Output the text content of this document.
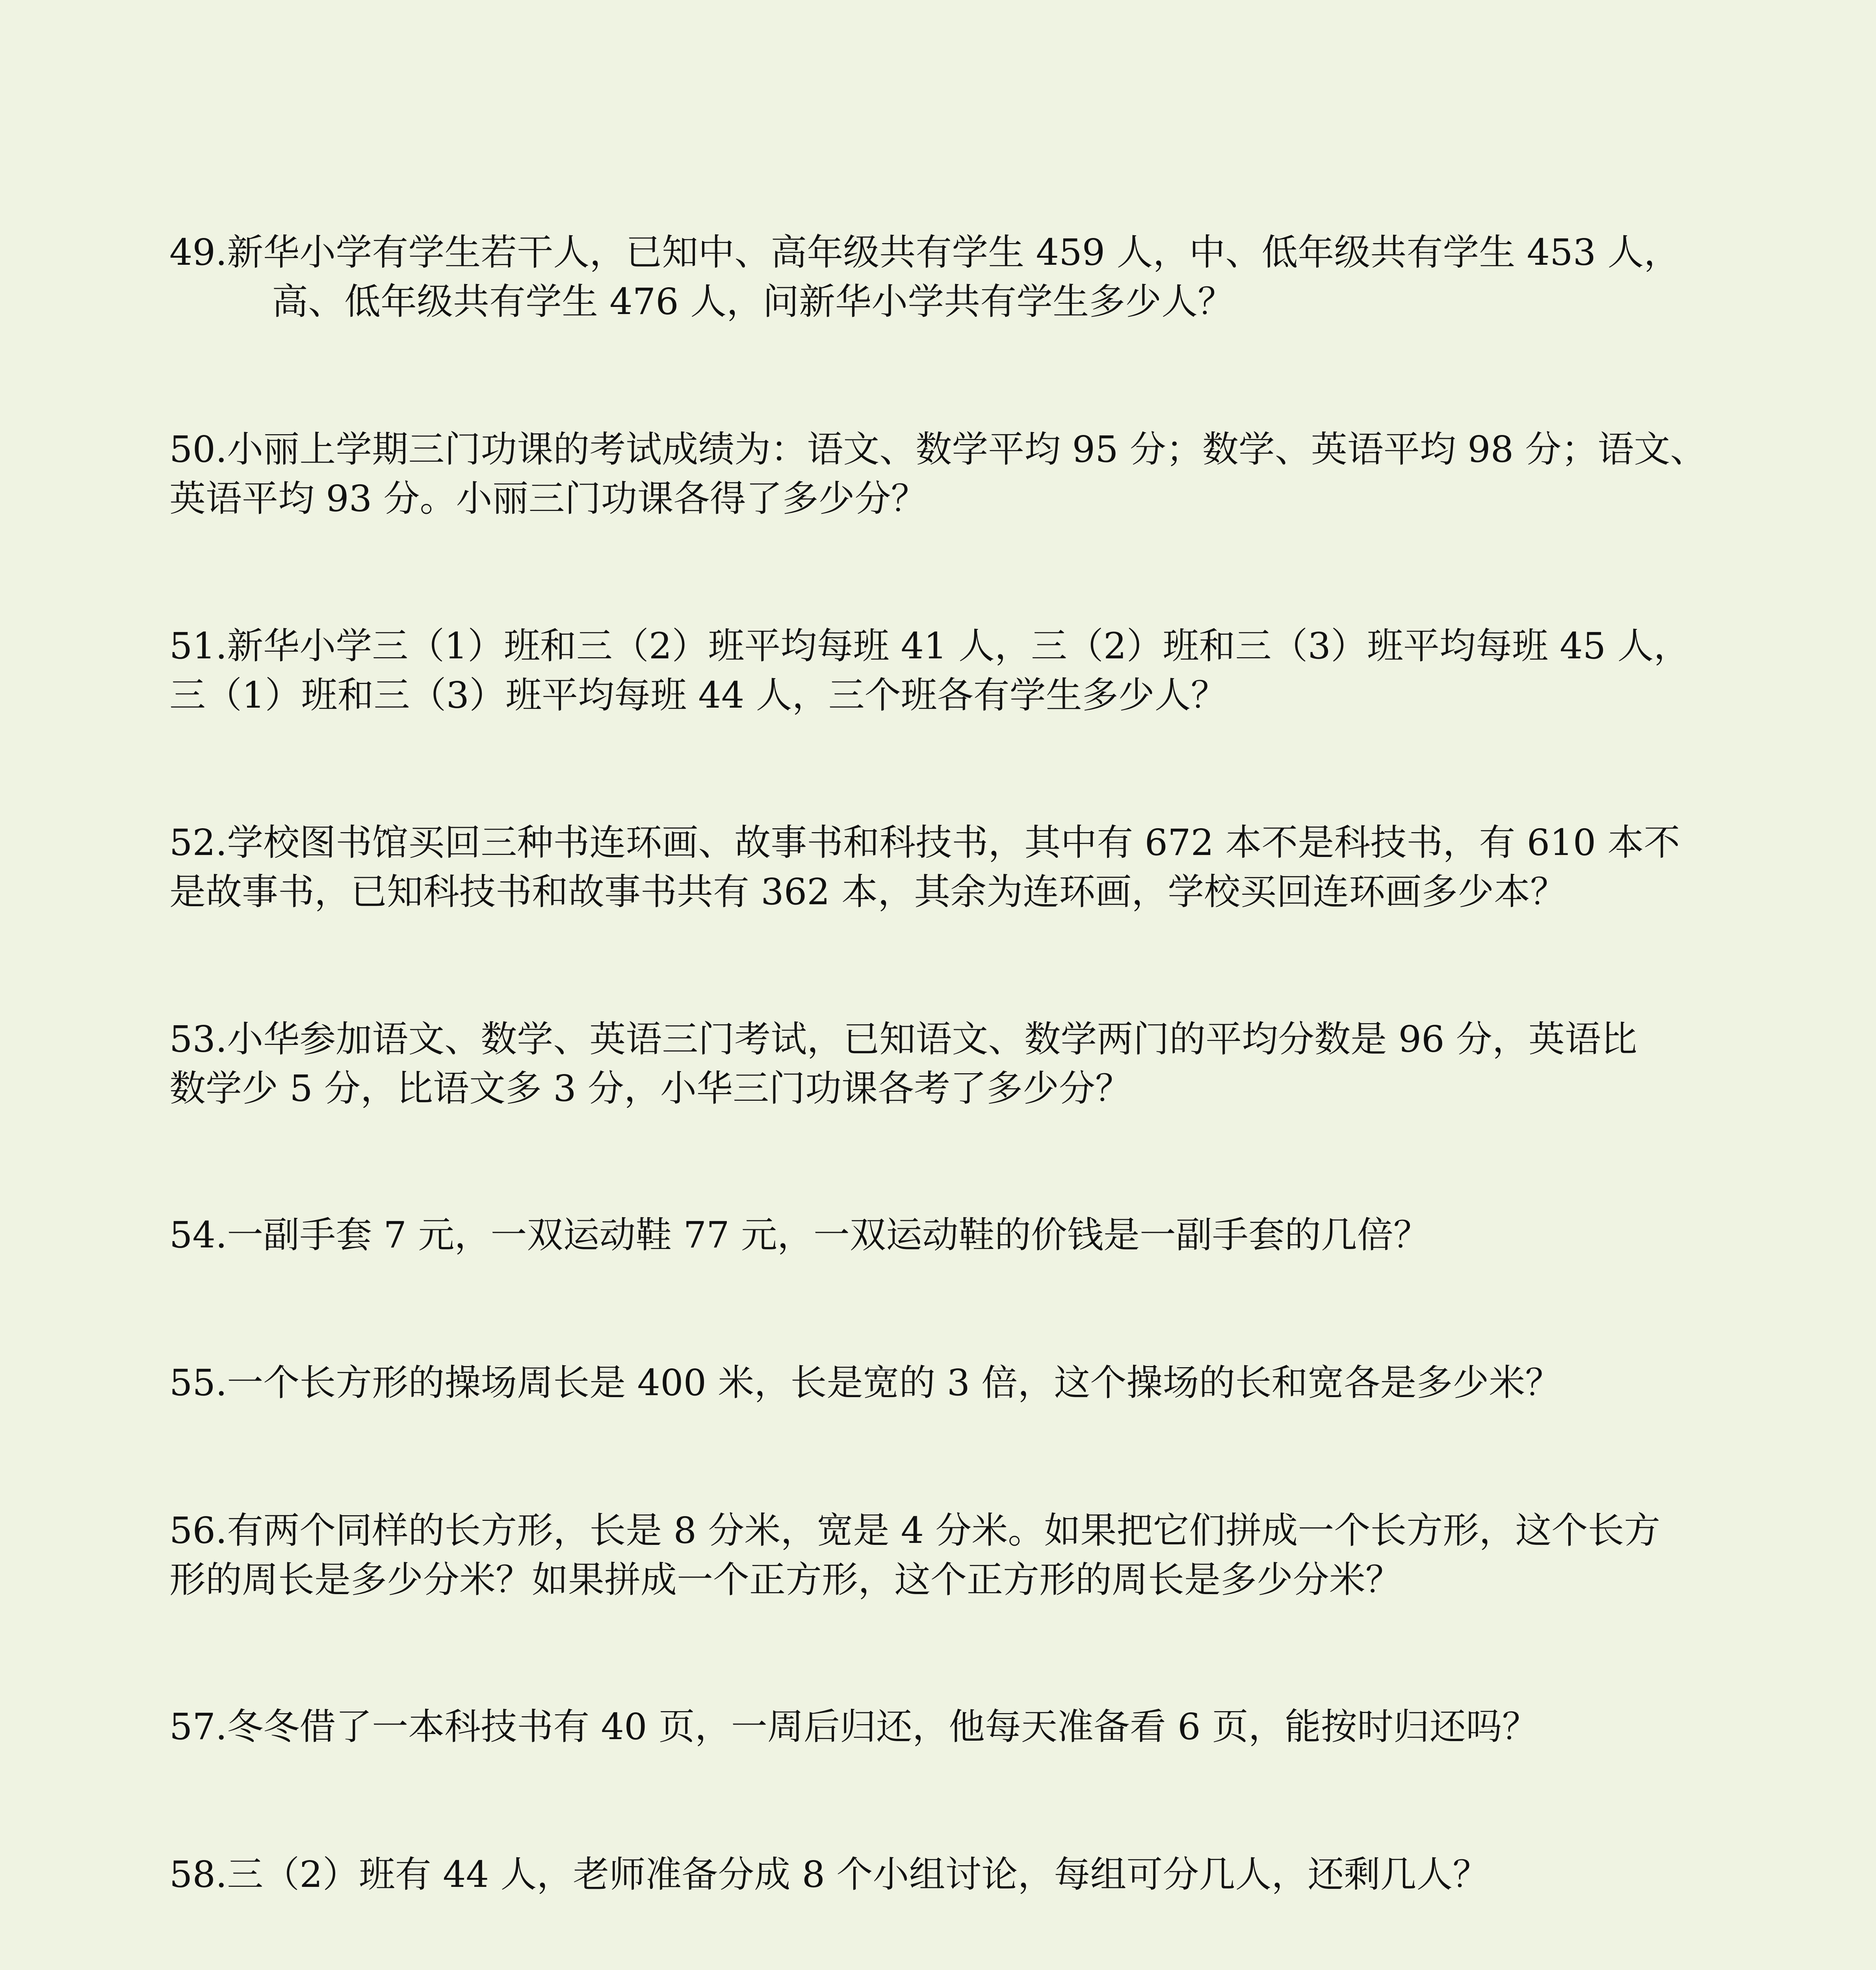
49.新华小学有学生若干人，已知中、高年级共有学生 459 人，中、低年级共有学生 453 人，
高、低年级共有学生 476 人，问新华小学共有学生多少人？
50.小丽上学期三门功课的考试成绩为：语文、数学平均 95 分；数学、英语平均 98 分；语文、
英语平均 93 分。小丽三门功课各得了多少分？
51.新华小学三（1）班和三（2）班平均每班 41 人，三（2）班和三（3）班平均每班 45 人，
三（1）班和三（3）班平均每班 44 人，三个班各有学生多少人？
52.学校图书馆买回三种书连环画、故事书和科技书，其中有 672 本不是科技书，有 610 本不
是故事书，已知科技书和故事书共有 362 本，其余为连环画，学校买回连环画多少本？
53.小华参加语文、数学、英语三门考试，已知语文、数学两门的平均分数是 96 分，英语比
数学少 5 分，比语文多 3 分，小华三门功课各考了多少分？
54.一副手套 7 元，一双运动鞋 77 元，一双运动鞋的价钱是一副手套的几倍？
55.一个长方形的操场周长是 400 米，长是宽的 3 倍，这个操场的长和宽各是多少米？
56.有两个同样的长方形，长是 8 分米，宽是 4 分米。如果把它们拼成一个长方形，这个长方
形的周长是多少分米？如果拼成一个正方形，这个正方形的周长是多少分米？
57.冬冬借了一本科技书有 40 页，一周后归还，他每天准备看 6 页，能按时归还吗？
58.三（2）班有 44 人，老师准备分成 8 个小组讨论，每组可分几人，还剩几人？
